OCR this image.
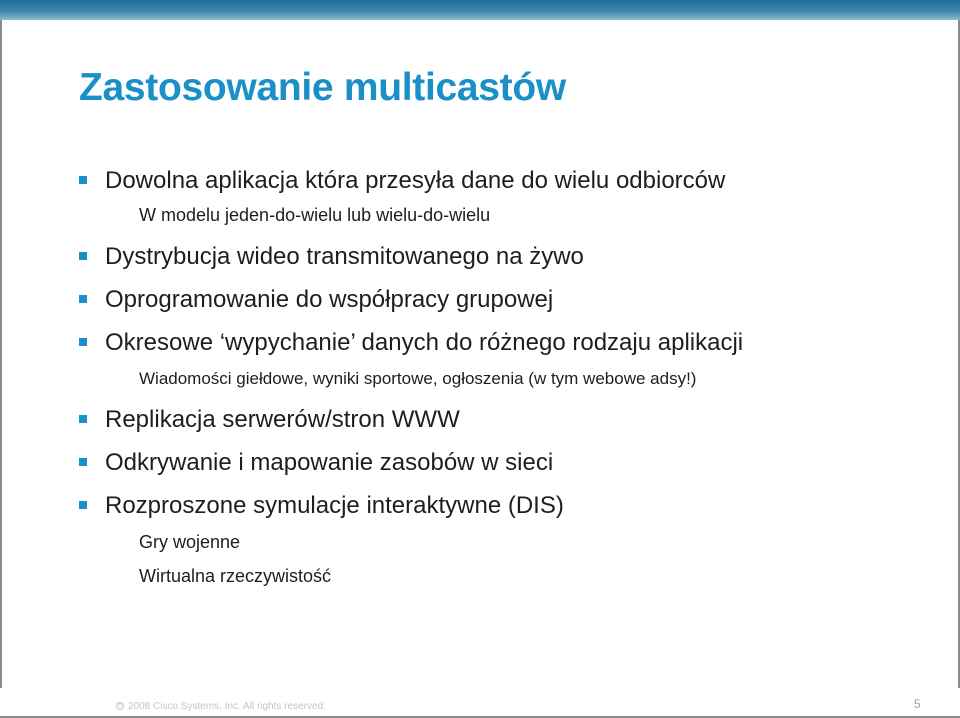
Zastosowanie multicastów
Dowolna aplikacja która przesyła dane do wielu odbiorców
W modelu jeden-do-wielu lub wielu-do-wielu
Dystrybucja wideo transmitowanego na żywo
Oprogramowanie do współpracy grupowej
Okresowe ‘wypychanie’ danych do różnego rodzaju aplikacji
Wiadomości giełdowe, wyniki sportowe, ogłoszenia (w tym webowe adsy!)
Replikacja serwerów/stron WWW
Odkrywanie i mapowanie zasobów w sieci
Rozproszone symulacje interaktywne (DIS)
Gry wojenne
Wirtualna rzeczywistość
© 2008 Cisco Systems, Inc. All rights reserved.	5
